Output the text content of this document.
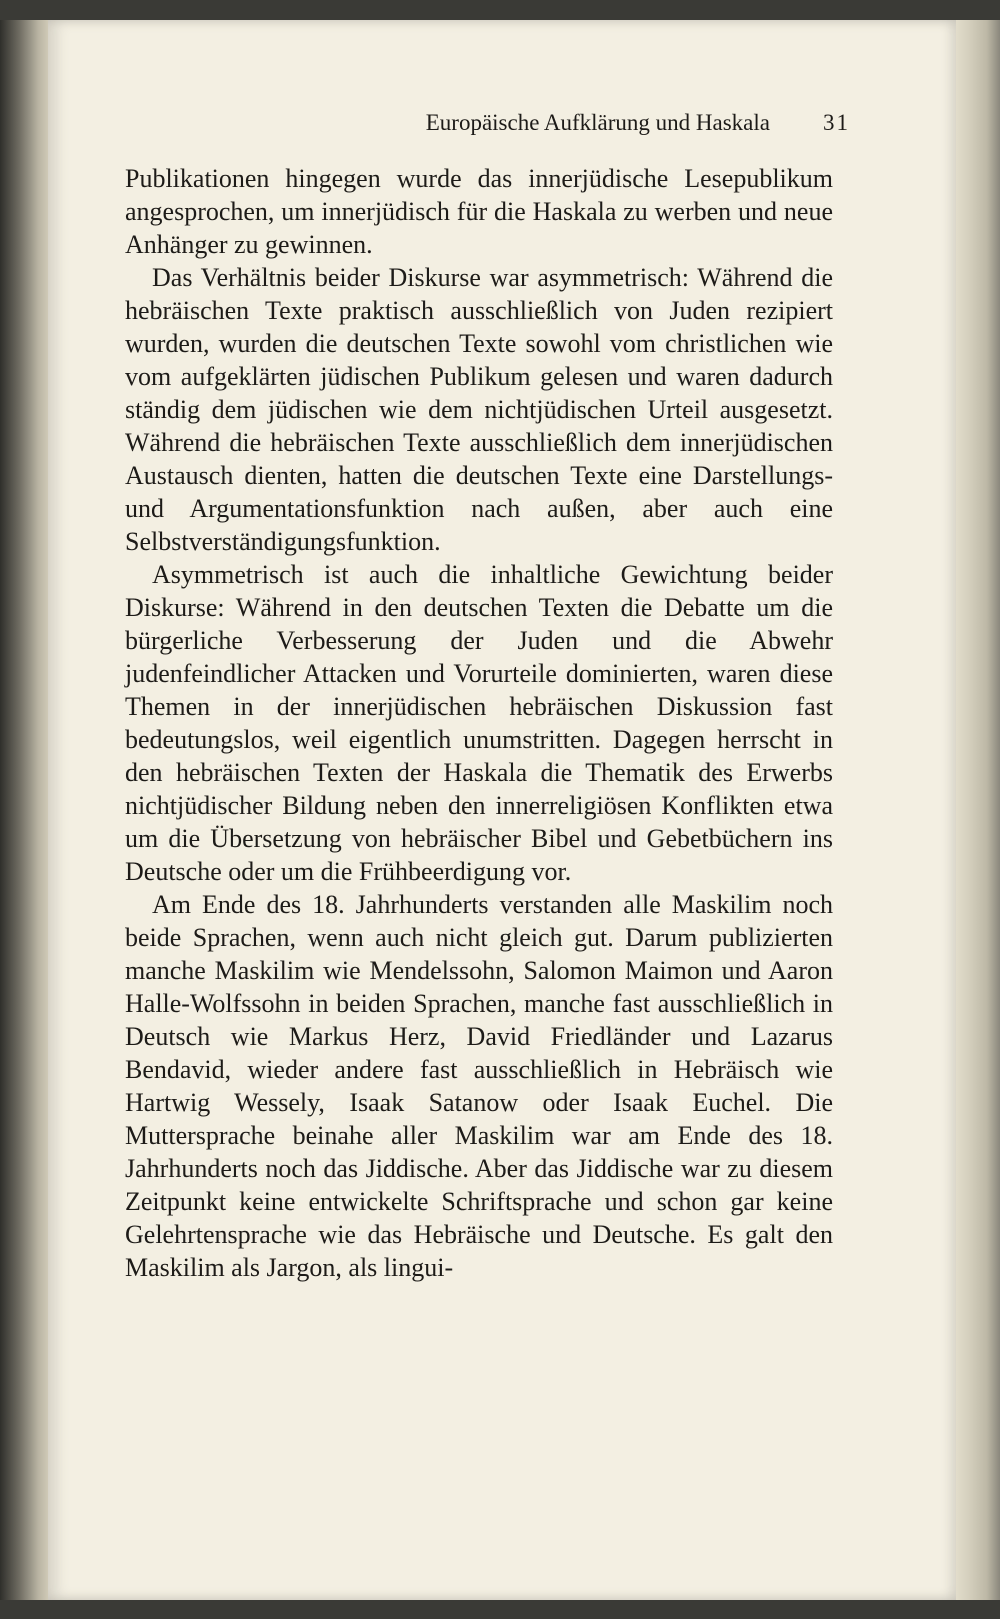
Europäische Aufklärung und Haskala 31

Publikationen hingegen wurde das innerjüdische Lesepublikum angesprochen, um innerjüdisch für die Haskala zu werben und neue Anhänger zu gewinnen.

Das Verhältnis beider Diskurse war asymmetrisch: Während die hebräischen Texte praktisch ausschließlich von Juden rezipiert wurden, wurden die deutschen Texte sowohl vom christlichen wie vom aufgeklärten jüdischen Publikum gelesen und waren dadurch ständig dem jüdischen wie dem nichtjüdischen Urteil ausgesetzt. Während die hebräischen Texte ausschließlich dem innerjüdischen Austausch dienten, hatten die deutschen Texte eine Darstellungs- und Argumentationsfunktion nach außen, aber auch eine Selbstverständigungsfunktion.

Asymmetrisch ist auch die inhaltliche Gewichtung beider Diskurse: Während in den deutschen Texten die Debatte um die bürgerliche Verbesserung der Juden und die Abwehr judenfeindlicher Attacken und Vorurteile dominierten, waren diese Themen in der innerjüdischen hebräischen Diskussion fast bedeutungslos, weil eigentlich unumstritten. Dagegen herrscht in den hebräischen Texten der Haskala die Thematik des Erwerbs nichtjüdischer Bildung neben den innerreligiösen Konflikten etwa um die Übersetzung von hebräischer Bibel und Gebetbüchern ins Deutsche oder um die Frühbeerdigung vor.

Am Ende des 18. Jahrhunderts verstanden alle Maskilim noch beide Sprachen, wenn auch nicht gleich gut. Darum publizierten manche Maskilim wie Mendelssohn, Salomon Maimon und Aaron Halle-Wolfssohn in beiden Sprachen, manche fast ausschließlich in Deutsch wie Markus Herz, David Friedländer und Lazarus Bendavid, wieder andere fast ausschließlich in Hebräisch wie Hartwig Wessely, Isaak Satanow oder Isaak Euchel. Die Muttersprache beinahe aller Maskilim war am Ende des 18. Jahrhunderts noch das Jiddische. Aber das Jiddische war zu diesem Zeitpunkt keine entwickelte Schriftsprache und schon gar keine Gelehrtensprache wie das Hebräische und Deutsche. Es galt den Maskilim als Jargon, als lingui-
